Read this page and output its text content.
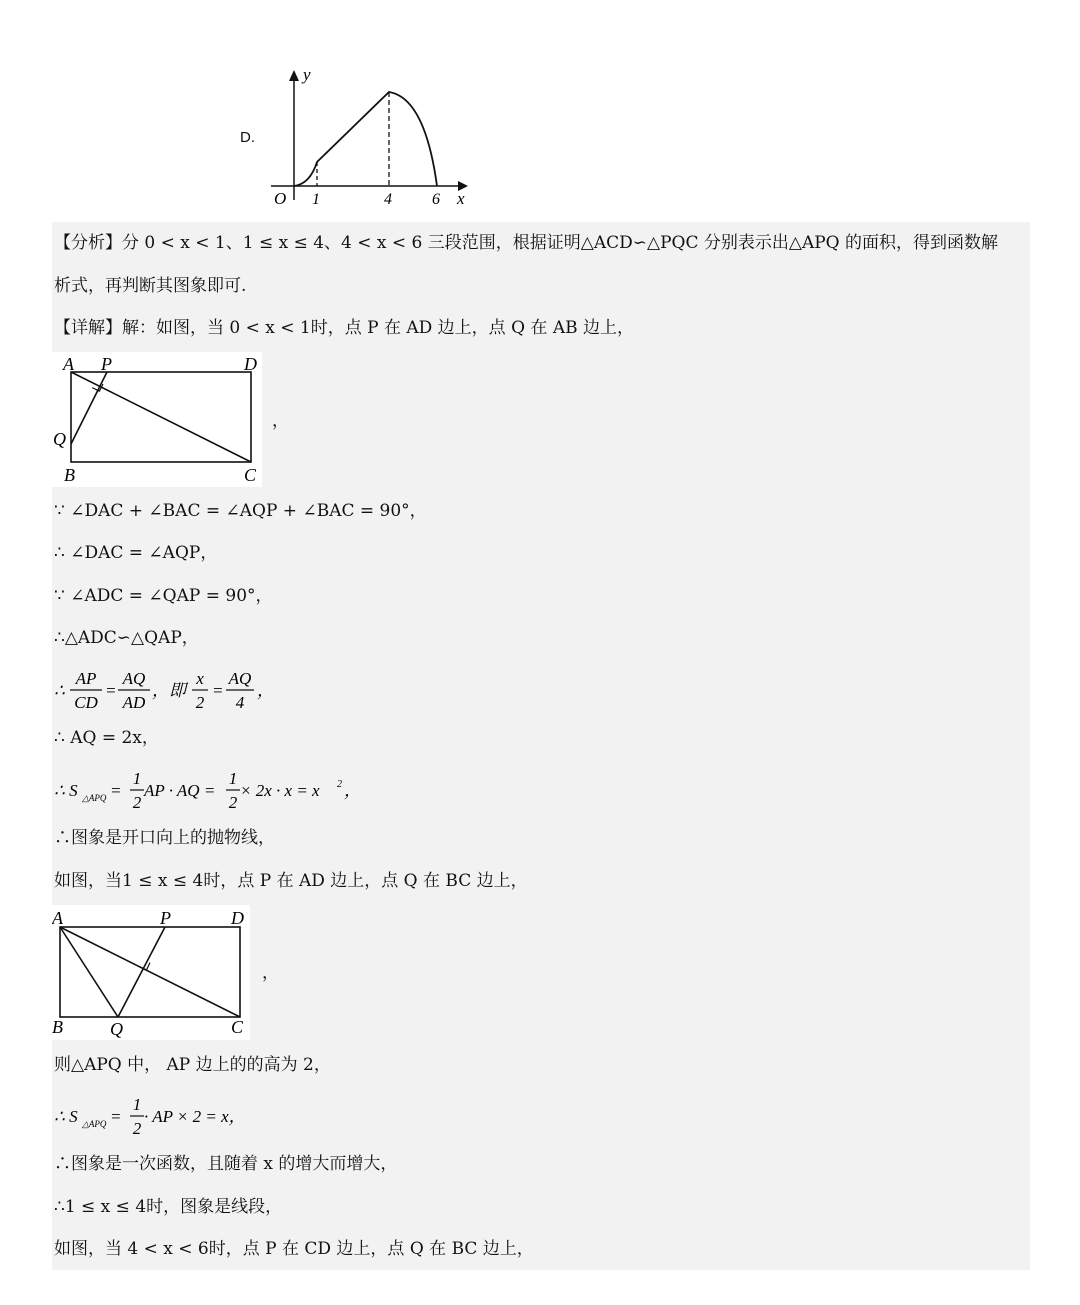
D.
y
x
O 1	4	6
【分析】分 0 < x < 1、1 ≤ x ≤ 4、4 < x < 6 三段范围，根据证明△ACD∽△PQC 分别表示出△APQ 的面积，得到函数解
析式，再判断其图象即可.
【详解】解：如图，当 0 < x < 1时，点 P 在 AD 边上，点 Q 在 AB 边上，
A P	D
Q
B	C
，
∵ ∠DAC + ∠BAC = ∠AQP + ∠BAC = 90°，
∴ ∠DAC = ∠AQP，
∵ ∠ADC = ∠QAP = 90°，
∴△ADC∽△QAP，
∴
AP
CD
=
AQ
AD
，即
x
2
=
AQ
4
，
∴ AQ = 2x，
∴ S △APQ =
1
2
AP · AQ =
1
2
× 2x · x = x 2 ，
∴图象是开口向上的抛物线，
如图，当1 ≤ x ≤ 4时，点 P 在 AD 边上，点 Q 在 BC 边上，
A	P	D
B	Q	C
，
则△APQ 中， AP 边上的的高为 2，
∴ S △APQ =
1
2
· AP × 2 = x，
∴图象是一次函数，且随着 x 的增大而增大，
∴1 ≤ x ≤ 4时，图象是线段，
如图，当 4 < x < 6时，点 P 在 CD 边上，点 Q 在 BC 边上，
